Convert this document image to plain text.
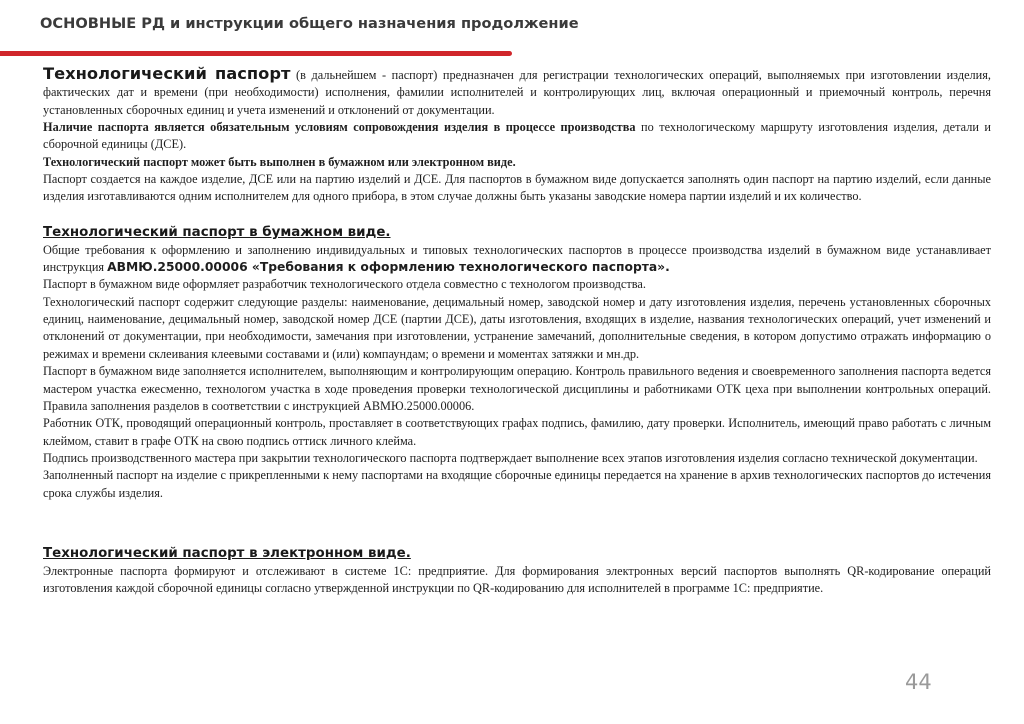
ОСНОВНЫЕ РД и инструкции общего назначения продолжение

Технологический паспорт (в дальнейшем - паспорт) предназначен для регистрации технологических операций, выполняемых при изготовлении изделия, фактических дат и времени (при необходимости) исполнения, фамилии исполнителей и контролирующих лиц, включая операционный и приемочный контроль, перечня установленных сборочных единиц и учета изменений и отклонений от документации.

Наличие паспорта является обязательным условиям сопровождения изделия в процессе производства по технологическому маршруту изготовления изделия, детали и сборочной единицы (ДСЕ).

Технологический паспорт может быть выполнен в бумажном или электронном виде.

Паспорт создается на каждое изделие, ДСЕ или на партию изделий и ДСЕ. Для паспортов в бумажном виде допускается заполнять один паспорт на партию изделий, если данные изделия изготавливаются одним исполнителем для одного прибора, в этом случае должны быть указаны заводские номера партии изделий и их количество.

Технологический паспорт в бумажном виде.

Общие требования к оформлению и заполнению индивидуальных и типовых технологических паспортов в процессе производства изделий в бумажном виде устанавливает инструкция АВМЮ.25000.00006 «Требования к оформлению технологического паспорта».

Паспорт в бумажном виде оформляет разработчик технологического отдела совместно с технологом производства.

Технологический паспорт содержит следующие разделы: наименование, децимальный номер, заводской номер и дату изготовления изделия, перечень установленных сборочных единиц, наименование, децимальный номер, заводской номер ДСЕ (партии ДСЕ), даты изготовления, входящих в изделие, названия технологических операций, учет изменений и отклонений от документации, при необходимости, замечания при изготовлении, устранение замечаний, дополнительные сведения, в котором допустимо отражать информацию о режимах и времени склеивания клеевыми составами и (или) компаундам; о времени и моментах затяжки и мн.др.

Паспорт в бумажном виде заполняется исполнителем, выполняющим и контролирующим операцию. Контроль правильного ведения и своевременного заполнения паспорта ведется мастером участка ежесменно, технологом участка в ходе проведения проверки технологической дисциплины и работниками ОТК цеха при выполнении контрольных операций. Правила заполнения разделов в соответствии с инструкцией АВМЮ.25000.00006.

Работник ОТК, проводящий операционный контроль, проставляет в соответствующих графах подпись, фамилию, дату проверки. Исполнитель, имеющий право работать с личным клеймом, ставит в графе ОТК на свою подпись оттиск личного клейма.

Подпись производственного мастера при закрытии технологического паспорта подтверждает выполнение всех этапов изготовления изделия согласно технической документации.

Заполненный паспорт на изделие с прикрепленными к нему паспортами на входящие сборочные единицы передается на хранение в архив технологических паспортов до истечения срока службы изделия.

Технологический паспорт в электронном виде.

Электронные паспорта формируют и отслеживают в системе 1С: предприятие. Для формирования электронных версий паспортов выполнять QR-кодирование операций изготовления каждой сборочной единицы согласно утвержденной инструкции по QR-кодированию для исполнителей в программе 1С: предприятие.

44
